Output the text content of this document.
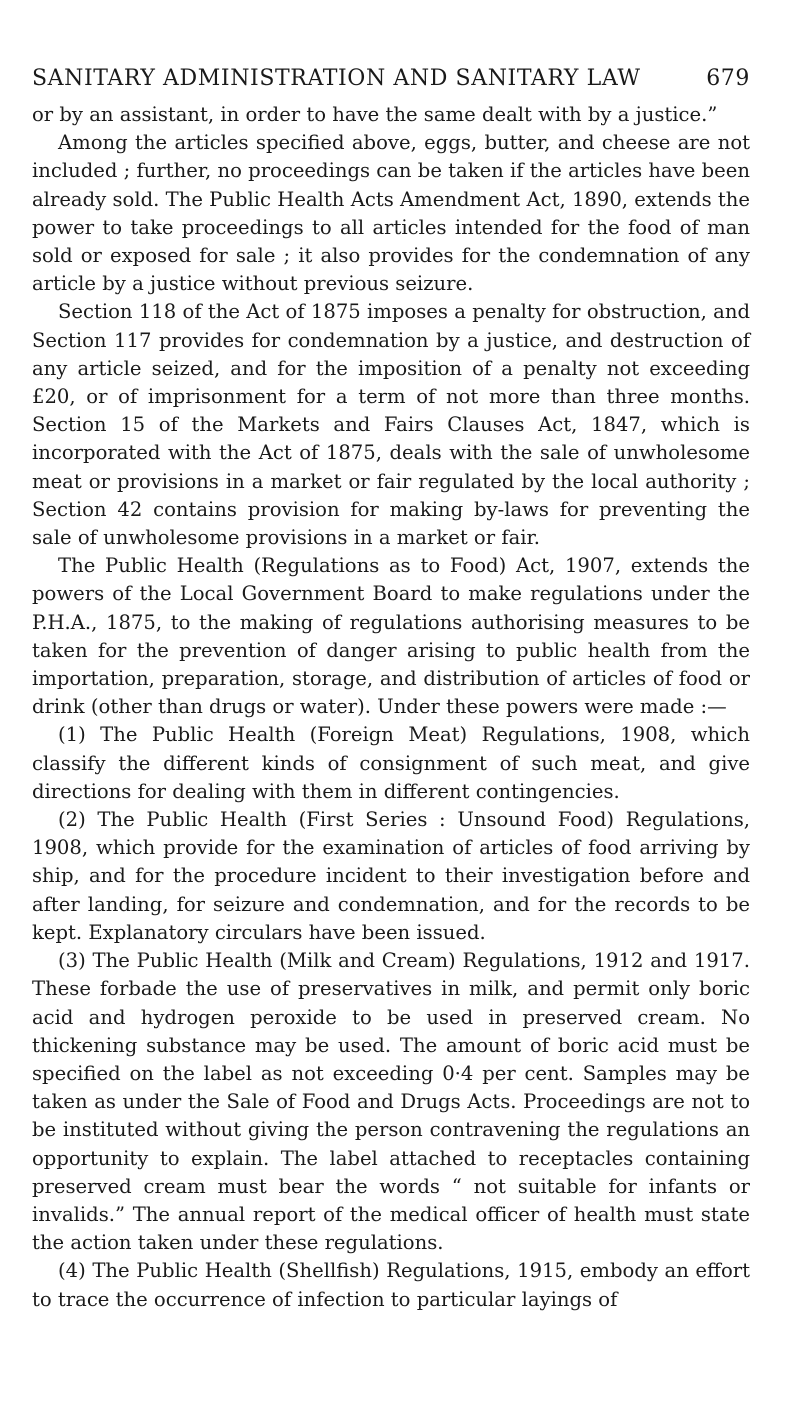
SANITARY ADMINISTRATION AND SANITARY LAW	679

or by an assistant, in order to have the same dealt with by a justice.”

Among the articles specified above, eggs, butter, and cheese are not included ; further, no proceedings can be taken if the articles have been already sold. The Public Health Acts Amendment Act, 1890, extends the power to take proceedings to all articles intended for the food of man sold or exposed for sale ; it also provides for the condemnation of any article by a justice without previous seizure.

Section 118 of the Act of 1875 imposes a penalty for obstruction, and Section 117 provides for condemnation by a justice, and destruction of any article seized, and for the imposition of a penalty not exceeding £20, or of imprisonment for a term of not more than three months. Section 15 of the Markets and Fairs Clauses Act, 1847, which is incorporated with the Act of 1875, deals with the sale of unwholesome meat or provisions in a market or fair regulated by the local authority ; Section 42 contains provision for making by-laws for preventing the sale of unwholesome provisions in a market or fair.

The Public Health (Regulations as to Food) Act, 1907, extends the powers of the Local Government Board to make regulations under the P.H.A., 1875, to the making of regulations authorising measures to be taken for the prevention of danger arising to public health from the importation, preparation, storage, and distribution of articles of food or drink (other than drugs or water). Under these powers were made :—

(1) The Public Health (Foreign Meat) Regulations, 1908, which classify the different kinds of consignment of such meat, and give directions for dealing with them in different contingencies.

(2) The Public Health (First Series : Unsound Food) Regulations, 1908, which provide for the examination of articles of food arriving by ship, and for the procedure incident to their investigation before and after landing, for seizure and condemnation, and for the records to be kept. Explanatory circulars have been issued.

(3) The Public Health (Milk and Cream) Regulations, 1912 and 1917. These forbade the use of preservatives in milk, and permit only boric acid and hydrogen peroxide to be used in preserved cream. No thickening substance may be used. The amount of boric acid must be specified on the label as not exceeding 0·4 per cent. Samples may be taken as under the Sale of Food and Drugs Acts. Proceedings are not to be instituted without giving the person contravening the regulations an opportunity to explain. The label attached to receptacles containing preserved cream must bear the words “ not suitable for infants or invalids.” The annual report of the medical officer of health must state the action taken under these regulations.

(4) The Public Health (Shellfish) Regulations, 1915, embody an effort to trace the occurrence of infection to particular layings of
